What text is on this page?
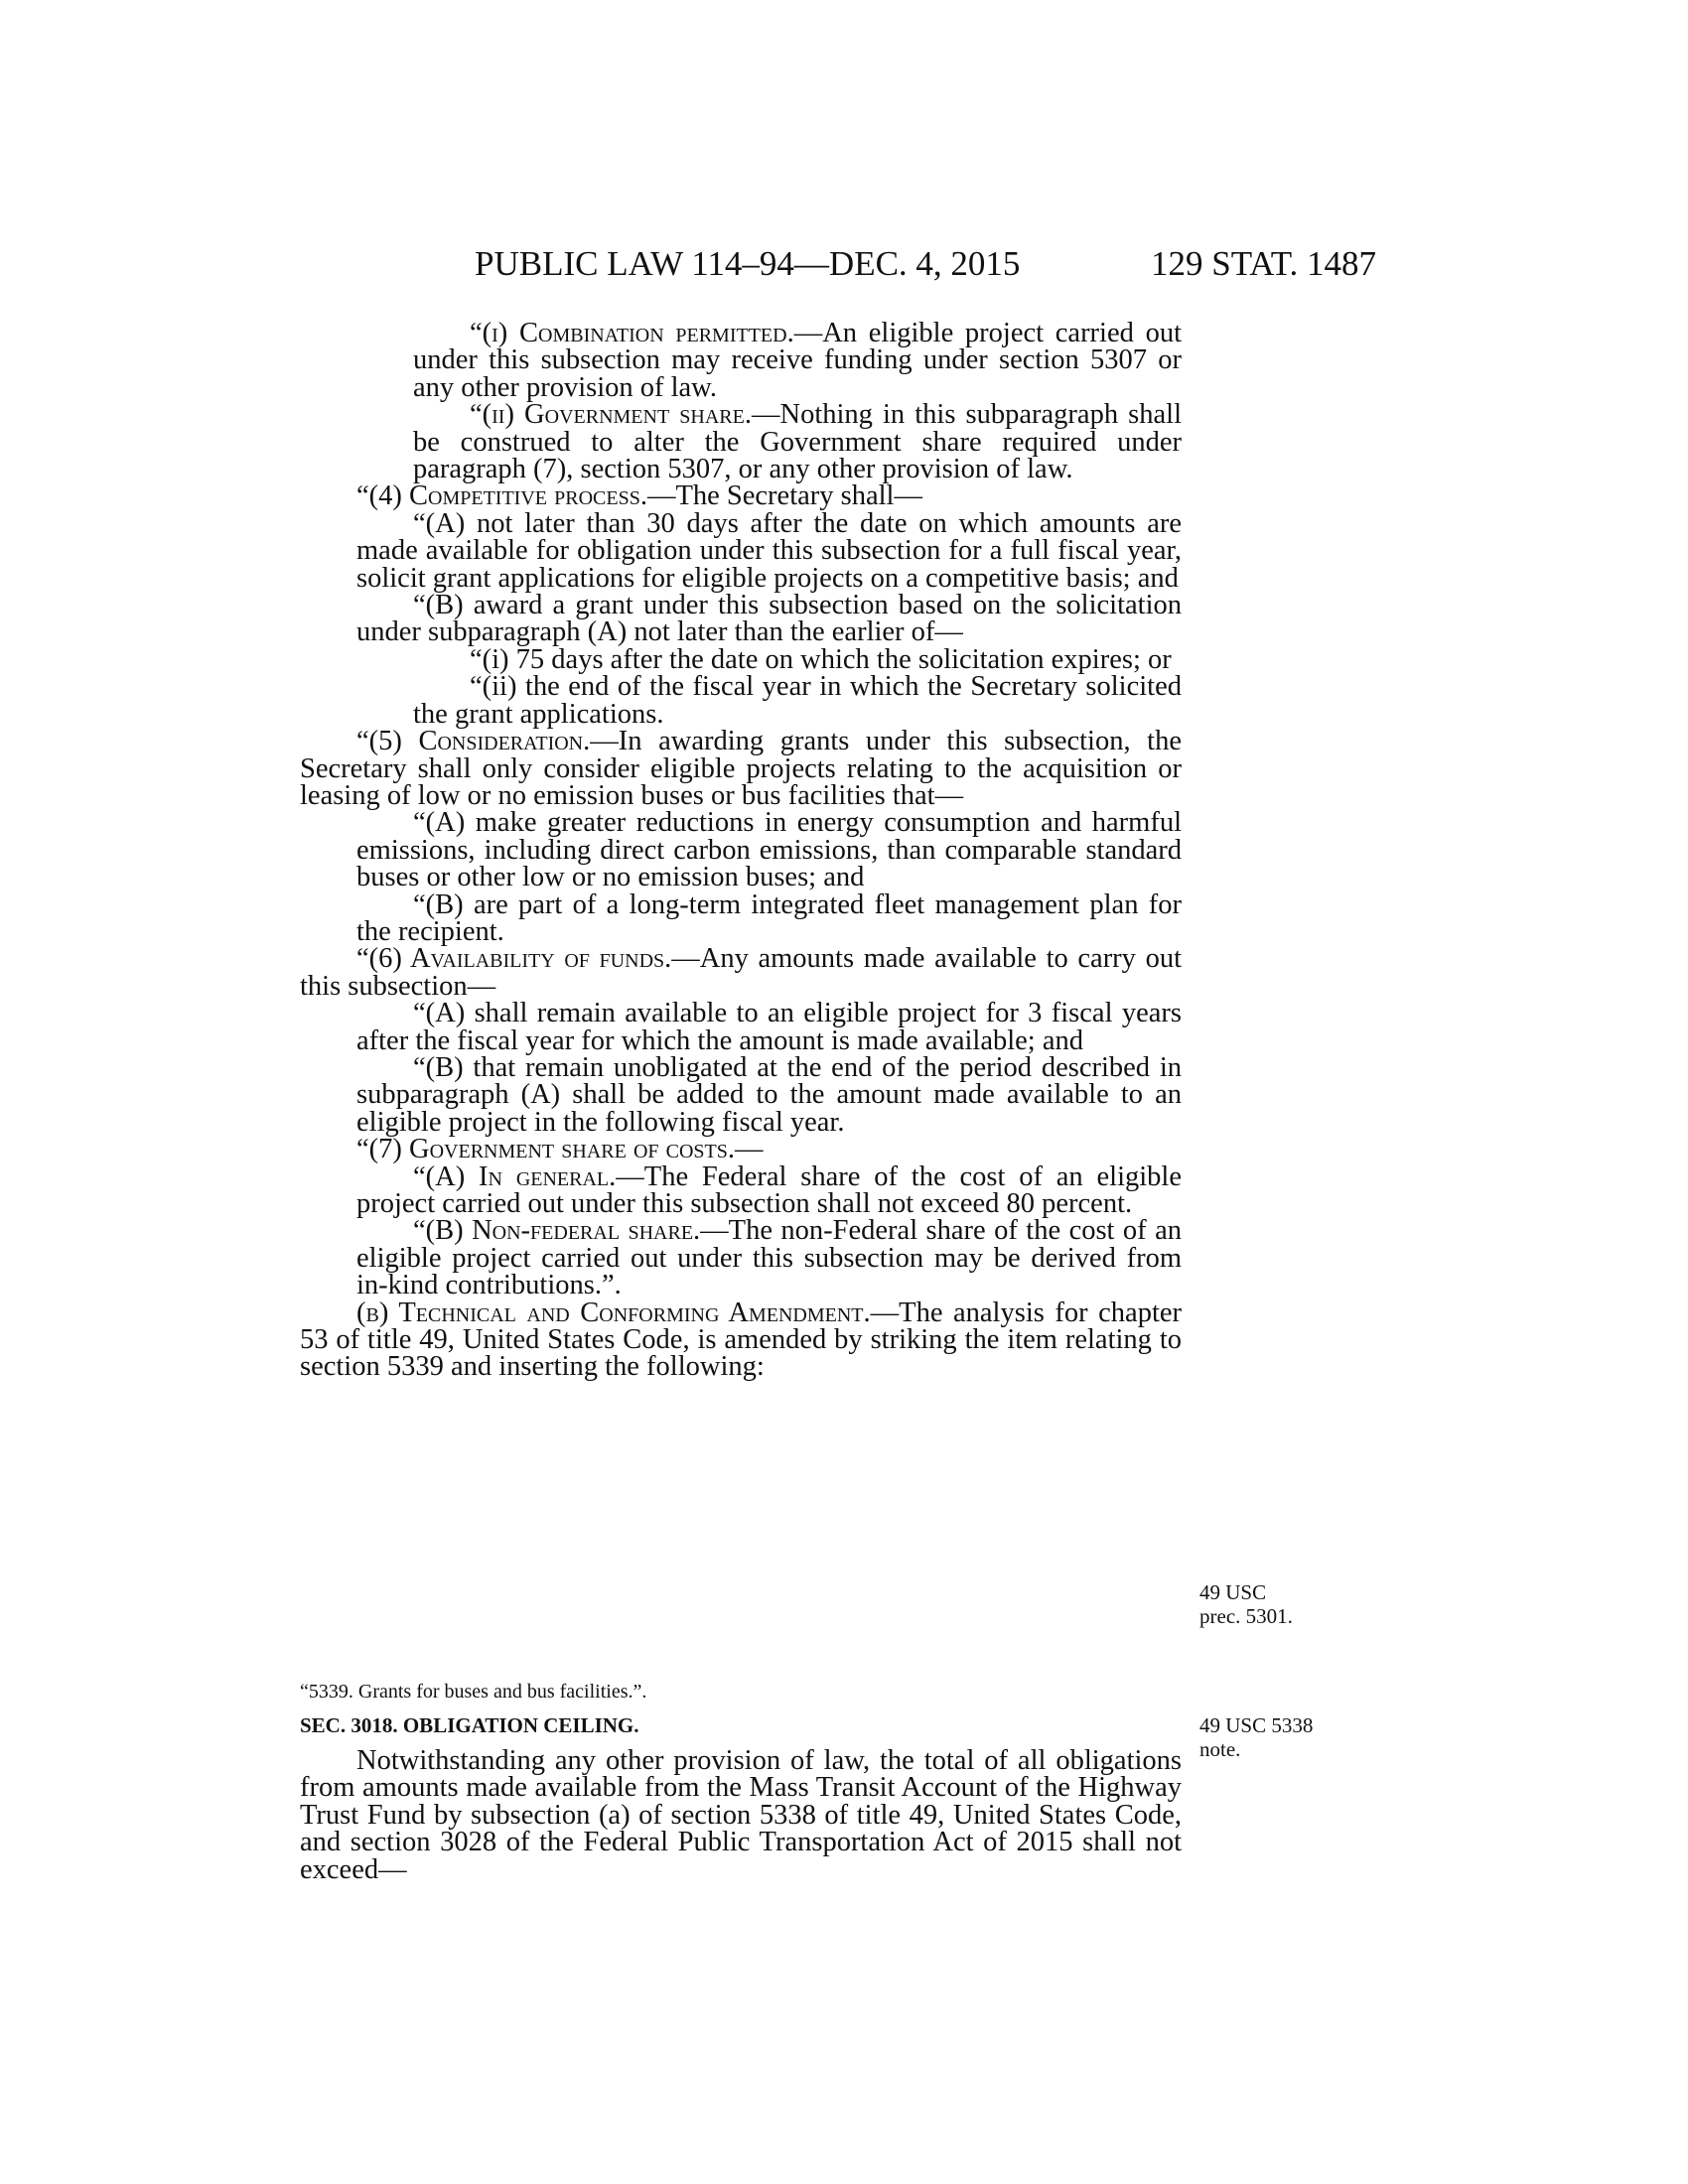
PUBLIC LAW 114–94—DEC. 4, 2015	129 STAT. 1487

“(i) Combination permitted.—An eligible project carried out under this subsection may receive funding under section 5307 or any other provision of law.

“(ii) Government share.—Nothing in this subparagraph shall be construed to alter the Government share required under paragraph (7), section 5307, or any other provision of law.

“(4) Competitive process.—The Secretary shall—

“(A) not later than 30 days after the date on which amounts are made available for obligation under this subsection for a full fiscal year, solicit grant applications for eligible projects on a competitive basis; and

“(B) award a grant under this subsection based on the solicitation under subparagraph (A) not later than the earlier of—

“(i) 75 days after the date on which the solicitation expires; or

“(ii) the end of the fiscal year in which the Secretary solicited the grant applications.

“(5) Consideration.—In awarding grants under this subsection, the Secretary shall only consider eligible projects relating to the acquisition or leasing of low or no emission buses or bus facilities that—

“(A) make greater reductions in energy consumption and harmful emissions, including direct carbon emissions, than comparable standard buses or other low or no emission buses; and

“(B) are part of a long-term integrated fleet management plan for the recipient.

“(6) Availability of funds.—Any amounts made available to carry out this subsection—

“(A) shall remain available to an eligible project for 3 fiscal years after the fiscal year for which the amount is made available; and

“(B) that remain unobligated at the end of the period described in subparagraph (A) shall be added to the amount made available to an eligible project in the following fiscal year.

“(7) Government share of costs.—

“(A) In general.—The Federal share of the cost of an eligible project carried out under this subsection shall not exceed 80 percent.

“(B) Non-federal share.—The non-Federal share of the cost of an eligible project carried out under this subsection may be derived from in-kind contributions.”.

(b) Technical and Conforming Amendment.—The analysis for chapter 53 of title 49, United States Code, is amended by striking the item relating to section 5339 and inserting the following:

49 USC
prec. 5301.
“5339. Grants for buses and bus facilities.”.
SEC. 3018. OBLIGATION CEILING.	49 USC 5338
note.

Notwithstanding any other provision of law, the total of all obligations from amounts made available from the Mass Transit Account of the Highway Trust Fund by subsection (a) of section 5338 of title 49, United States Code, and section 3028 of the Federal Public Transportation Act of 2015 shall not exceed—
